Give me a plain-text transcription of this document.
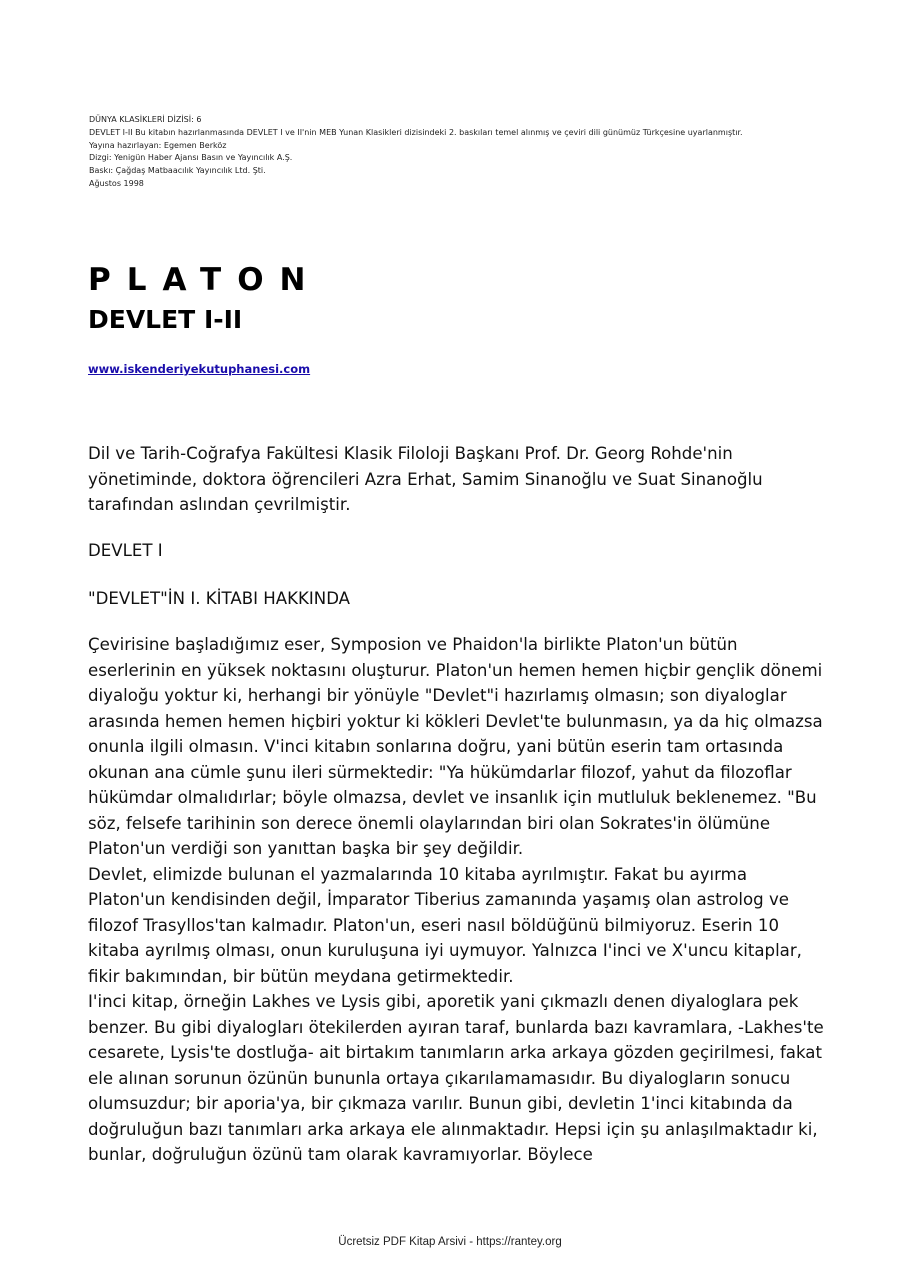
DÜNYA KLASİKLERİ DİZİSİ: 6
DEVLET I-II Bu kitabın hazırlanmasında DEVLET I ve II'nin MEB Yunan Klasikleri dizisindeki 2. baskıları temel alınmış ve çeviri dili günümüz Türkçesine uyarlanmıştır.
Yayına hazırlayan: Egemen Berköz
Dizgi: Yenigün Haber Ajansı Basın ve Yayıncılık A.Ş.
Baskı: Çağdaş Matbaacılık Yayıncılık Ltd. Şti.
Ağustos 1998
PLATON
DEVLET I-II
www.iskenderiyekutuphanesi.com

Dil ve Tarih-Coğrafya Fakültesi Klasik Filoloji Başkanı Prof. Dr. Georg Rohde'nin yönetiminde, doktora öğrencileri Azra Erhat, Samim Sinanoğlu ve Suat Sinanoğlu tarafından aslından çevrilmiştir.

DEVLET I
"DEVLET"İN I. KİTABI HAKKINDA

Çevirisine başladığımız eser, Symposion ve Phaidon'la birlikte Platon'un bütün eserlerinin en yüksek noktasını oluşturur. Platon'un hemen hemen hiçbir gençlik dönemi diyaloğu yoktur ki, herhangi bir yönüyle "Devlet"i hazırlamış olmasın; son diyaloglar arasında hemen hemen hiçbiri yoktur ki kökleri Devlet'te bulunmasın, ya da hiç olmazsa onunla ilgili olmasın. V'inci kitabın sonlarına doğru, yani bütün eserin tam ortasında okunan ana cümle şunu ileri sürmektedir: "Ya hükümdarlar filozof, yahut da filozoflar hükümdar olmalıdırlar; böyle olmazsa, devlet ve insanlık için mutluluk beklenemez. "Bu söz, felsefe tarihinin son derece önemli olaylarından biri olan Sokrates'in ölümüne Platon'un verdiği son yanıttan başka bir şey değildir.

Devlet, elimizde bulunan el yazmalarında 10 kitaba ayrılmıştır. Fakat bu ayırma Platon'un kendisinden değil, İmparator Tiberius zamanında yaşamış olan astrolog ve filozof Trasyllos'tan kalmadır. Platon'un, eseri nasıl böldüğünü bilmiyoruz. Eserin 10 kitaba ayrılmış olması, onun kuruluşuna iyi uymuyor. Yalnızca I'inci ve X'uncu kitaplar, fikir bakımından, bir bütün meydana getirmektedir.

I'inci kitap, örneğin Lakhes ve Lysis gibi, aporetik yani çıkmazlı denen diyaloglara pek benzer. Bu gibi diyalogları ötekilerden ayıran taraf, bunlarda bazı kavramlara, -Lakhes'te cesarete, Lysis'te dostluğa- ait birtakım tanımların arka arkaya gözden geçirilmesi, fakat ele alınan sorunun özünün bununla ortaya çıkarılamamasıdır. Bu diyalogların sonucu olumsuzdur; bir aporia'ya, bir çıkmaza varılır. Bunun gibi, devletin 1'inci kitabında da doğruluğun bazı tanımları arka arkaya ele alınmaktadır. Hepsi için şu anlaşılmaktadır ki, bunlar, doğruluğun özünü tam olarak kavramıyorlar. Böylece

Ücretsiz PDF Kitap Arsivi - https://rantey.org
